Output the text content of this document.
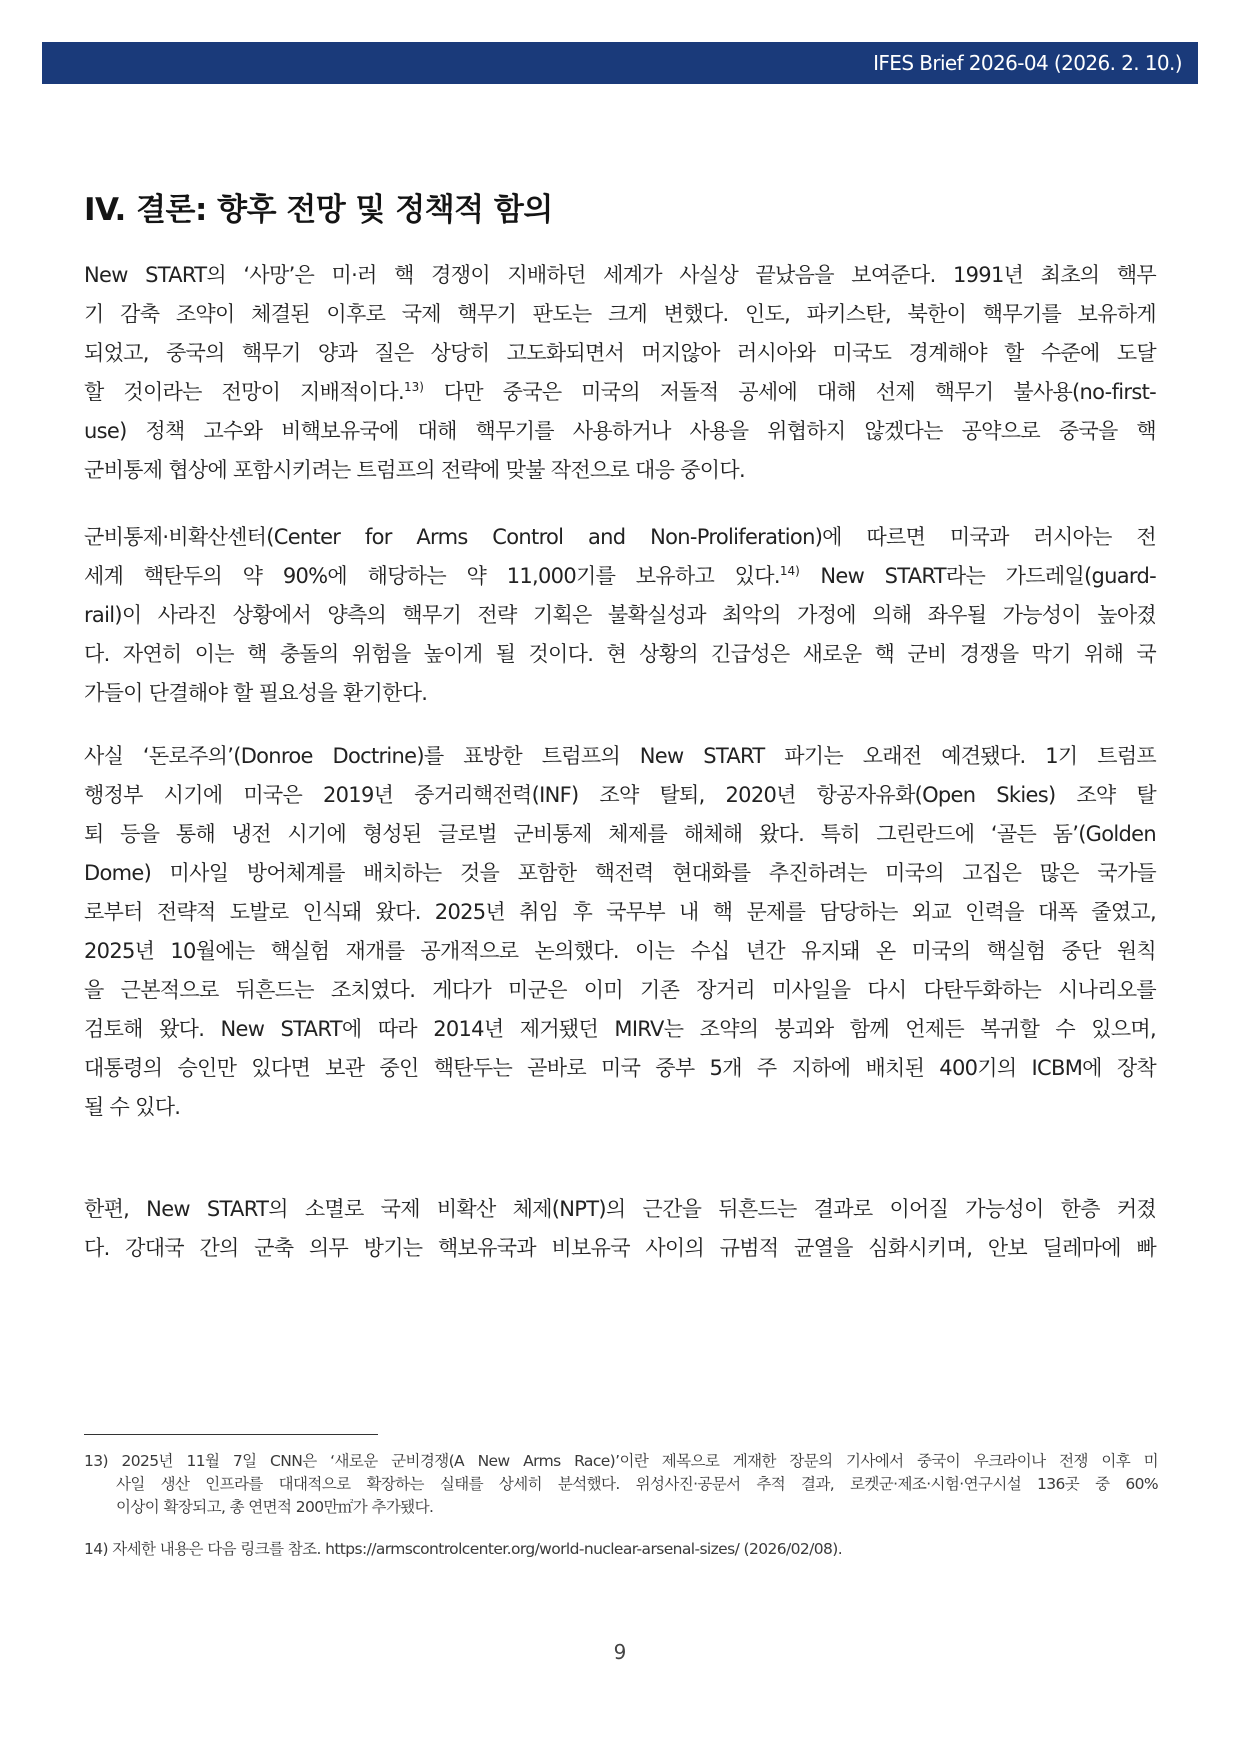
IFES Brief 2026-04 (2026. 2. 10.)
IV. 결론: 향후 전망 및 정책적 함의
New START의 ‘사망’은 미·러 핵 경쟁이 지배하던 세계가 사실상 끝났음을 보여준다. 1991년 최초의 핵무
기 감축 조약이 체결된 이후로 국제 핵무기 판도는 크게 변했다. 인도, 파키스탄, 북한이 핵무기를 보유하게
되었고, 중국의 핵무기 양과 질은 상당히 고도화되면서 머지않아 러시아와 미국도 경계해야 할 수준에 도달
할 것이라는 전망이 지배적이다.$^{13)}$ 다만 중국은 미국의 저돌적 공세에 대해 선제 핵무기 불사용(no-first-
use) 정책 고수와 비핵보유국에 대해 핵무기를 사용하거나 사용을 위협하지 않겠다는 공약으로 중국을 핵
군비통제 협상에 포함시키려는 트럼프의 전략에 맞불 작전으로 대응 중이다.
군비통제·비확산센터(Center for Arms Control and Non-Proliferation)에 따르면 미국과 러시아는 전
세계 핵탄두의 약 90%에 해당하는 약 11,000기를 보유하고 있다.$^{14)}$ New START라는 가드레일(guard-
rail)이 사라진 상황에서 양측의 핵무기 전략 기획은 불확실성과 최악의 가정에 의해 좌우될 가능성이 높아졌
다. 자연히 이는 핵 충돌의 위험을 높이게 될 것이다. 현 상황의 긴급성은 새로운 핵 군비 경쟁을 막기 위해 국
가들이 단결해야 할 필요성을 환기한다.
사실 ‘돈로주의’(Donroe Doctrine)를 표방한 트럼프의 New START 파기는 오래전 예견됐다. 1기 트럼프
행정부 시기에 미국은 2019년 중거리핵전력(INF) 조약 탈퇴, 2020년 항공자유화(Open Skies) 조약 탈
퇴 등을 통해 냉전 시기에 형성된 글로벌 군비통제 체제를 해체해 왔다. 특히 그린란드에 ‘골든 돔’(Golden
Dome) 미사일 방어체계를 배치하는 것을 포함한 핵전력 현대화를 추진하려는 미국의 고집은 많은 국가들
로부터 전략적 도발로 인식돼 왔다. 2025년 취임 후 국무부 내 핵 문제를 담당하는 외교 인력을 대폭 줄였고,
2025년 10월에는 핵실험 재개를 공개적으로 논의했다. 이는 수십 년간 유지돼 온 미국의 핵실험 중단 원칙
을 근본적으로 뒤흔드는 조치였다. 게다가 미군은 이미 기존 장거리 미사일을 다시 다탄두화하는 시나리오를
검토해 왔다. New START에 따라 2014년 제거됐던 MIRV는 조약의 붕괴와 함께 언제든 복귀할 수 있으며,
대통령의 승인만 있다면 보관 중인 핵탄두는 곧바로 미국 중부 5개 주 지하에 배치된 400기의 ICBM에 장착
될 수 있다.
한편, New START의 소멸로 국제 비확산 체제(NPT)의 근간을 뒤흔드는 결과로 이어질 가능성이 한층 커졌
다. 강대국 간의 군축 의무 방기는 핵보유국과 비보유국 사이의 규범적 균열을 심화시키며, 안보 딜레마에 빠
13) 2025년 11월 7일 CNN은 ‘새로운 군비경쟁(A New Arms Race)’이란 제목으로 게재한 장문의 기사에서 중국이 우크라이나 전쟁 이후 미
사일 생산 인프라를 대대적으로 확장하는 실태를 상세히 분석했다. 위성사진·공문서 추적 결과, 로켓군·제조·시험·연구시설 136곳 중 60%
이상이 확장되고, 총 연면적 200만㎡가 추가됐다.
14) 자세한 내용은 다음 링크를 참조. https://armscontrolcenter.org/world-nuclear-arsenal-sizes/ (2026/02/08).
9
